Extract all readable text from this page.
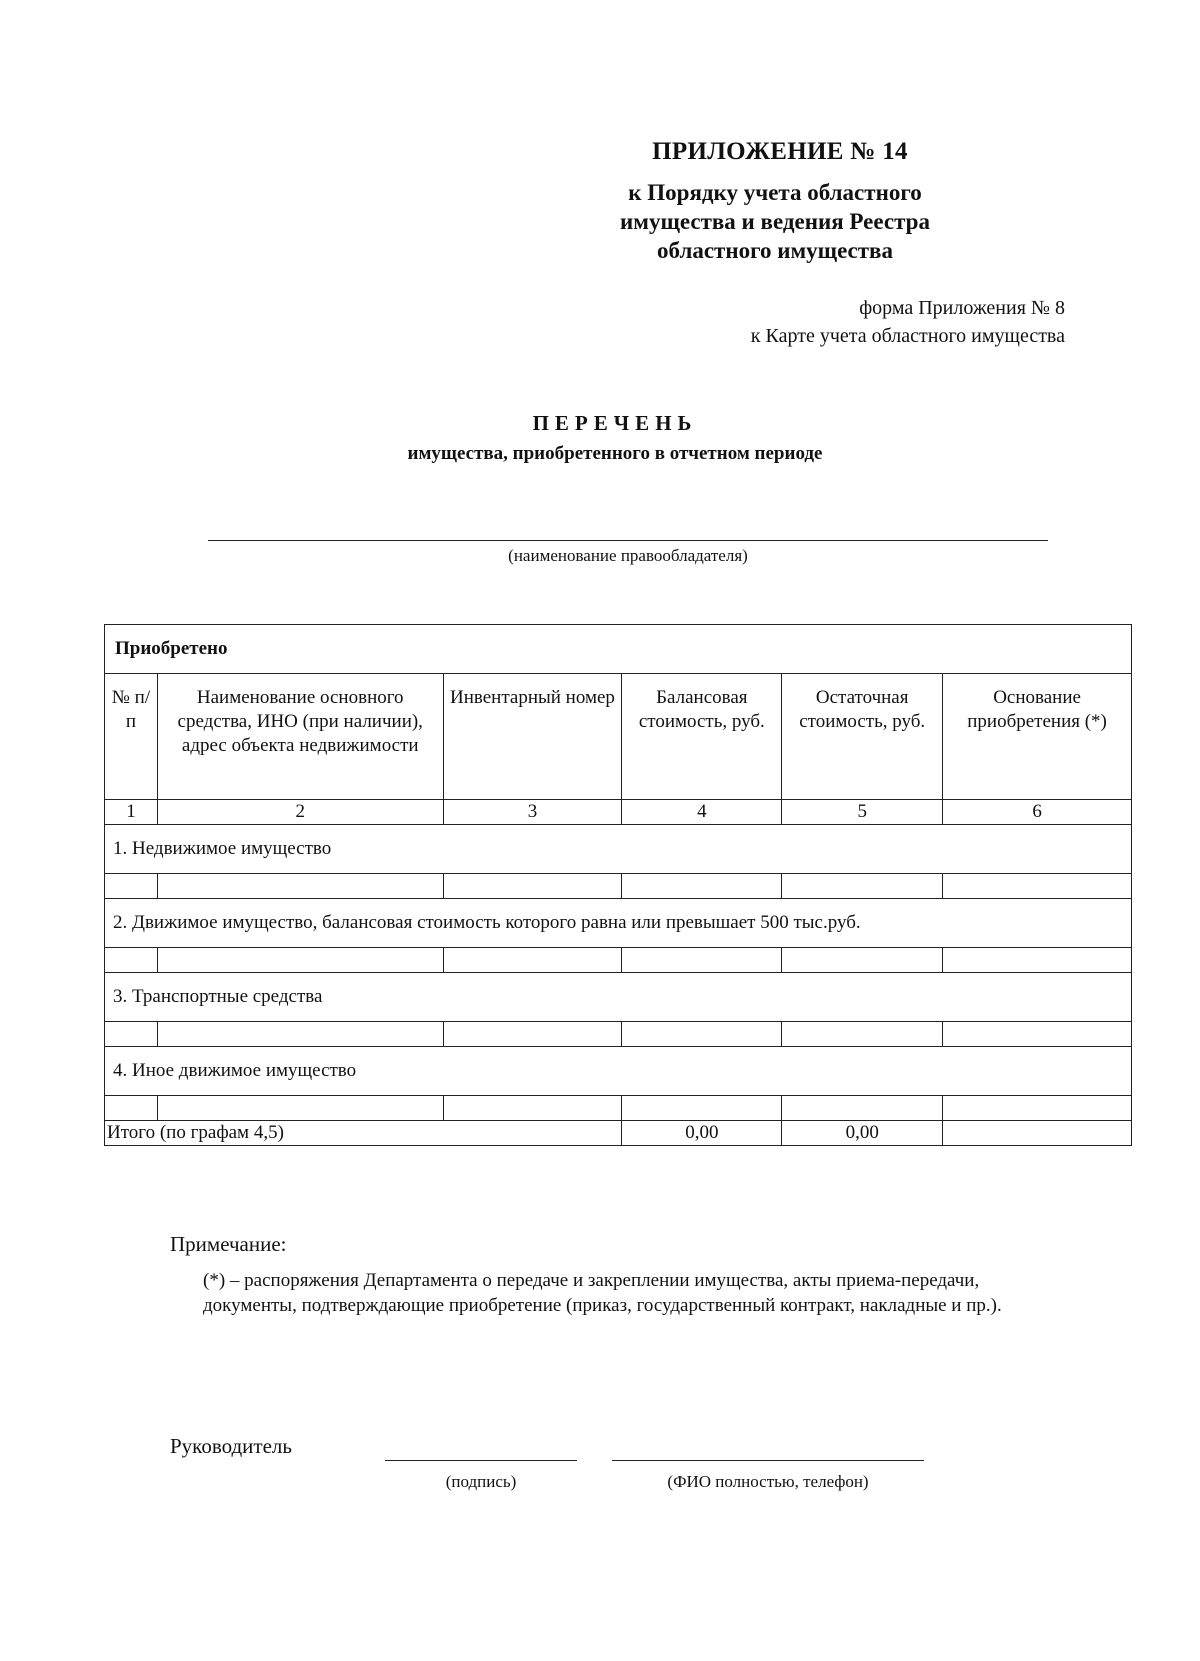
ПРИЛОЖЕНИЕ № 14
к Порядку учета областного
имущества и ведения Реестра
областного имущества
форма Приложения № 8
к Карте учета областного имущества
ПЕРЕЧЕНЬ
имущества, приобретенного в отчетном периоде
(наименование правообладателя)
Приобретено					
№ п/п	Наименование основного средства, ИНО (при наличии), адрес объекта недвижимости	Инвентарный номер	Балансовая стоимость, руб.	Остаточная стоимость, руб.	Основание приобретения (*)
1	2	3	4	5	6
1. Недвижимое имущество					

2. Движимое имущество, балансовая стоимость которого равна или превышает 500 тыс.руб.					

3. Транспортные средства					

4. Иное движимое имущество					

Итого (по графам 4,5)			0,00	0,00	
Примечание:
(*) – распоряжения Департамента о передаче и закреплении имущества, акты приема-передачи, документы, подтверждающие приобретение (приказ, государственный контракт, накладные и пр.).
Руководитель
(подпись)	(ФИО полностью, телефон)
